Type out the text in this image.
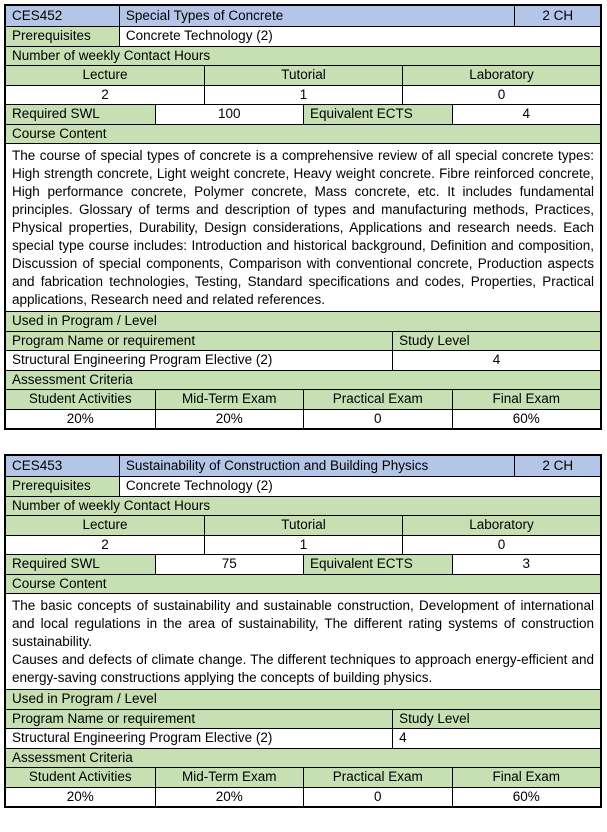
CES452	Special Types of Concrete	2 CH
Prerequisites	Concrete Technology (2)
Number of weekly Contact Hours
Lecture	Tutorial	Laboratory
2	1	0
Required SWL	100	Equivalent ECTS	4
Course Content

The course of special types of concrete is a comprehensive review of all special concrete types: High strength concrete, Light weight concrete, Heavy weight concrete. Fibre reinforced concrete, High performance concrete, Polymer concrete, Mass concrete, etc. It includes fundamental principles. Glossary of terms and description of types and manufacturing methods, Practices, Physical properties, Durability, Design considerations, Applications and research needs. Each special type course includes: Introduction and historical background, Definition and composition, Discussion of special components, Comparison with conventional concrete, Production aspects and fabrication technologies, Testing, Standard specifications and codes, Properties, Practical applications, Research need and related references.

Used in Program / Level
Program Name or requirement	Study Level
Structural Engineering Program Elective (2)	4
Assessment Criteria
Student Activities	Mid-Term Exam	Practical Exam	Final Exam
20%	20%	0	60%
CES453	Sustainability of Construction and Building Physics	2 CH
Prerequisites	Concrete Technology (2)
Number of weekly Contact Hours
Lecture	Tutorial	Laboratory
2	1	0
Required SWL	75	Equivalent ECTS	3
Course Content

The basic concepts of sustainability and sustainable construction, Development of international and local regulations in the area of sustainability, The different rating systems of construction sustainability.

Causes and defects of climate change. The different techniques to approach energy-efficient and energy-saving constructions applying the concepts of building physics.

Used in Program / Level
Program Name or requirement	Study Level
Structural Engineering Program Elective (2)	4
Assessment Criteria
Student Activities	Mid-Term Exam	Practical Exam	Final Exam
20%	20%	0	60%
